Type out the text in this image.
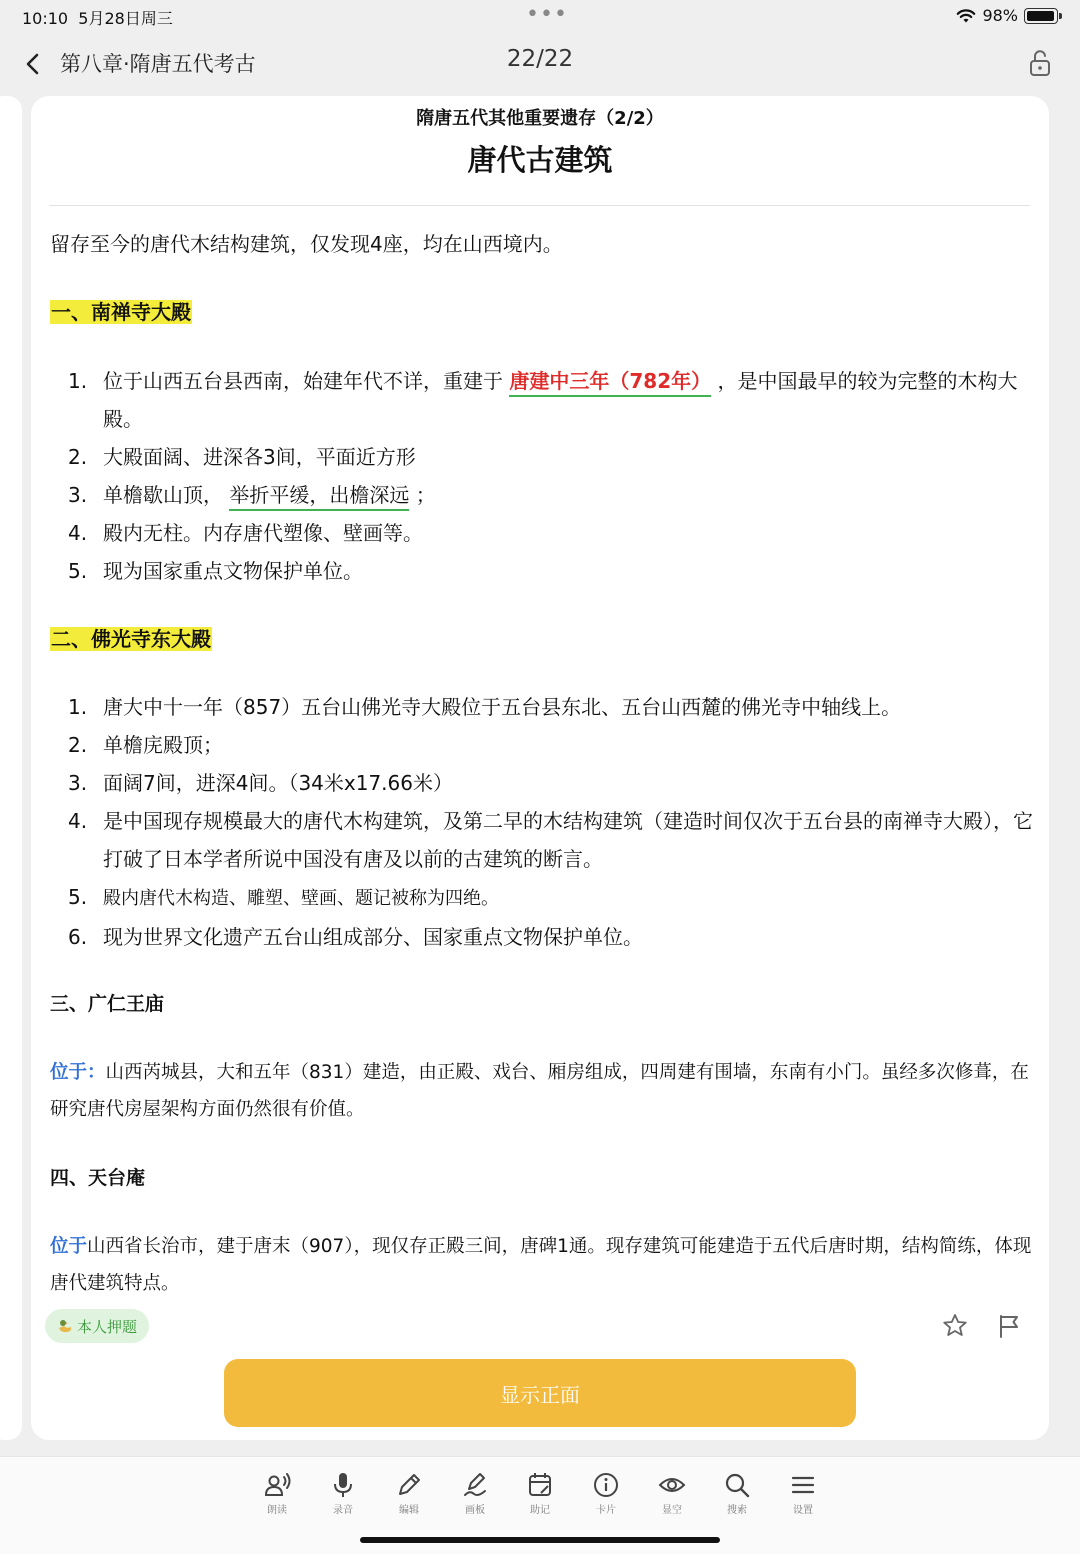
10:10 5月28日周三	•••	98%
第八章·隋唐五代考古	22/22
隋唐五代其他重要遗存（2/2）
唐代古建筑
留存至今的唐代木结构建筑，仅发现4座，均在山西境内。
一、南禅寺大殿
1. 位于山西五台县西南，始建年代不详，重建于 唐建中三年（782年） ，是中国最早的较为完整的木构大殿。
2. 大殿面阔、进深各3间，平面近方形
3. 单檐歇山顶， 举折平缓，出檐深远 ；
4. 殿内无柱。内存唐代塑像、壁画等。
5. 现为国家重点文物保护单位。
二、佛光寺东大殿
1. 唐大中十一年（857）五台山佛光寺大殿位于五台县东北、五台山西麓的佛光寺中轴线上。
2. 单檐庑殿顶；
3. 面阔7间，进深4间。（34米x17.66米）
4. 是中国现存规模最大的唐代木构建筑，及第二早的木结构建筑（建造时间仅次于五台县的南禅寺大殿），它打破了日本学者所说中国没有唐及以前的古建筑的断言。
5. 殿内唐代木构造、雕塑、壁画、题记被称为四绝。
6. 现为世界文化遗产五台山组成部分、国家重点文物保护单位。
三、广仁王庙
位于：山西芮城县，大和五年（831）建造，由正殿、戏台、厢房组成，四周建有围墙，东南有小门。虽经多次修葺，在研究唐代房屋架构方面仍然很有价值。
四、天台庵
位于山西省长治市，建于唐末（907），现仅存正殿三间，唐碑1通。现存建筑可能建造于五代后唐时期，结构简练，体现唐代建筑特点。
本人押题
显示正面
朗读	录音	编辑	画板	助记	卡片	显空	搜索	设置
